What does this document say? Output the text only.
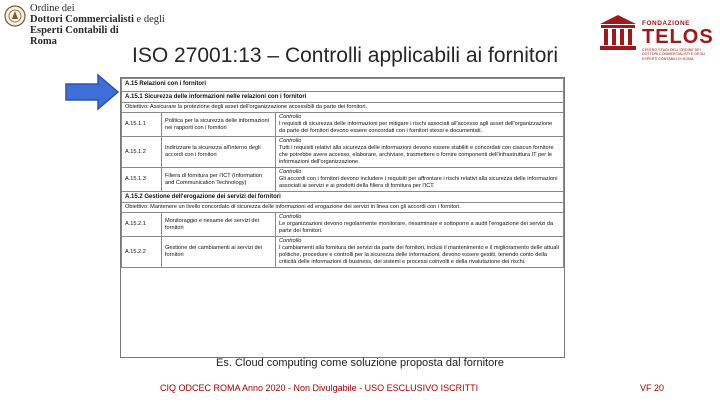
Ordine dei
Dottori Commercialisti e degli
Esperti Contabili di
Roma
FONDAZIONE
TELOS
CENTRO STUDI DELL'ORDINE DEI DOTTORI COMMERCIALISTI E DEGLI ESPERTI CONTABILI DI ROMA
ISO 27001:13 – Controlli applicabili ai fornitori
A.15 Relazioni con i fornitori		
A.15.1 Sicurezza delle informazioni nelle relazioni con i fornitori		
Obiettivo: Assicurare la protezione degli asset dell'organizzazione accessibili da parte dei fornitori.		
A.15.1.1	Politica per la sicurezza delle informazioni nei rapporti con i fornitori	Controllo
I requisiti di sicurezza delle informazioni per mitigare i rischi associati all'accesso agli asset dell'organizzazione da parte dei fornitori devono essere concordati con i fornitori stessi e documentati.
A.15.1.2	Indirizzare la sicurezza all'interno degli accordi con i fornitori	Controllo
Tutti i requisiti relativi alla sicurezza delle informazioni devono essere stabiliti e concordati con ciascun fornitore che potrebbe avere accesso, elaborare, archiviare, trasmettere o fornire componenti dell'infrastruttura IT per le informazioni dell'organizzazione.
A.15.1.3	Filiera di fornitura per l'ICT (Information and Communication Technology)	Controllo
Gli accordi con i fornitori devono includere i requisiti per affrontare i rischi relativi alla sicurezza delle informazioni associati ai servizi e ai prodotti della filiera di fornitura per l'ICT.
A.15.2 Gestione dell'erogazione dei servizi dei fornitori		
Obiettivo: Mantenere un livello concordato di sicurezza delle informazioni ed erogazione dei servizi in linea con gli accordi con i fornitori.		
A.15.2.1	Monitoraggio e riesame dei servizi dei fornitori	Controllo
Le organizzazioni devono regolarmente monitorare, riesaminare e sottoporre a audit l'erogazione dei servizi da parte dei fornitori.
A.15.2.2	Gestione dei cambiamenti ai servizi dei fornitori	Controllo
I cambiamenti alla fornitura dei servizi da parte dei fornitori, inclusi il mantenimento e il miglioramento delle attuali politiche, procedure e controlli per la sicurezza delle informazioni, devono essere gestiti, tenendo conto della criticità delle informazioni di business, dei sistemi e processi coinvolti e della rivalutazione dei rischi.
Es. Cloud computing come soluzione proposta dal fornitore
CIQ ODCEC ROMA Anno 2020 - Non Divulgabile - USO ESCLUSIVO ISCRITTI	VF 20
